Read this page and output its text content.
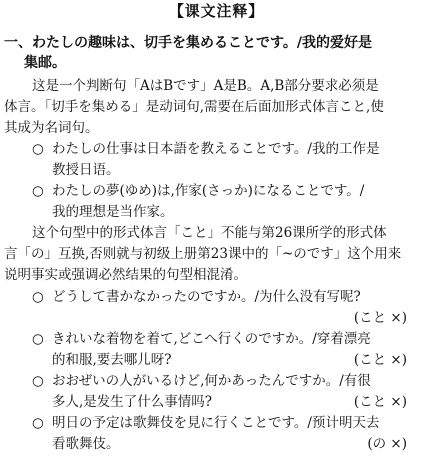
【课文注释】
一、わたしの趣味は、切手を集めることです。/我的爱好是
集邮。
这是一个判断句「AはBです」A是B。A,B部分要求必须是
体言。「切手を集める」是动词句,需要在后面加形式体言こと,使
其成为名词句。
○ わたしの仕事は日本語を教えることです。/我的工作是
教授日语。
○ わたしの夢(ゆめ)は,作家(さっか)になることです。/
我的理想是当作家。
这个句型中的形式体言「こと」不能与第26课所学的形式体
言「の」互换,否则就与初级上册第23课中的「~のです」这个用来
说明事实或强调必然结果的句型相混淆。
○ どうして書かなかったのですか。/为什么没有写呢?
(こと ×)
○ きれいな着物を着て,どこへ行くのですか。/穿着漂亮
的和服,要去哪儿呀?	(こと ×)
○ おおぜいの人がいるけど,何かあったんですか。/有很
多人,是发生了什么事情吗?	(こと ×)
○ 明日の予定は歌舞伎を見に行くことです。/预计明天去
看歌舞伎。	(の ×)
